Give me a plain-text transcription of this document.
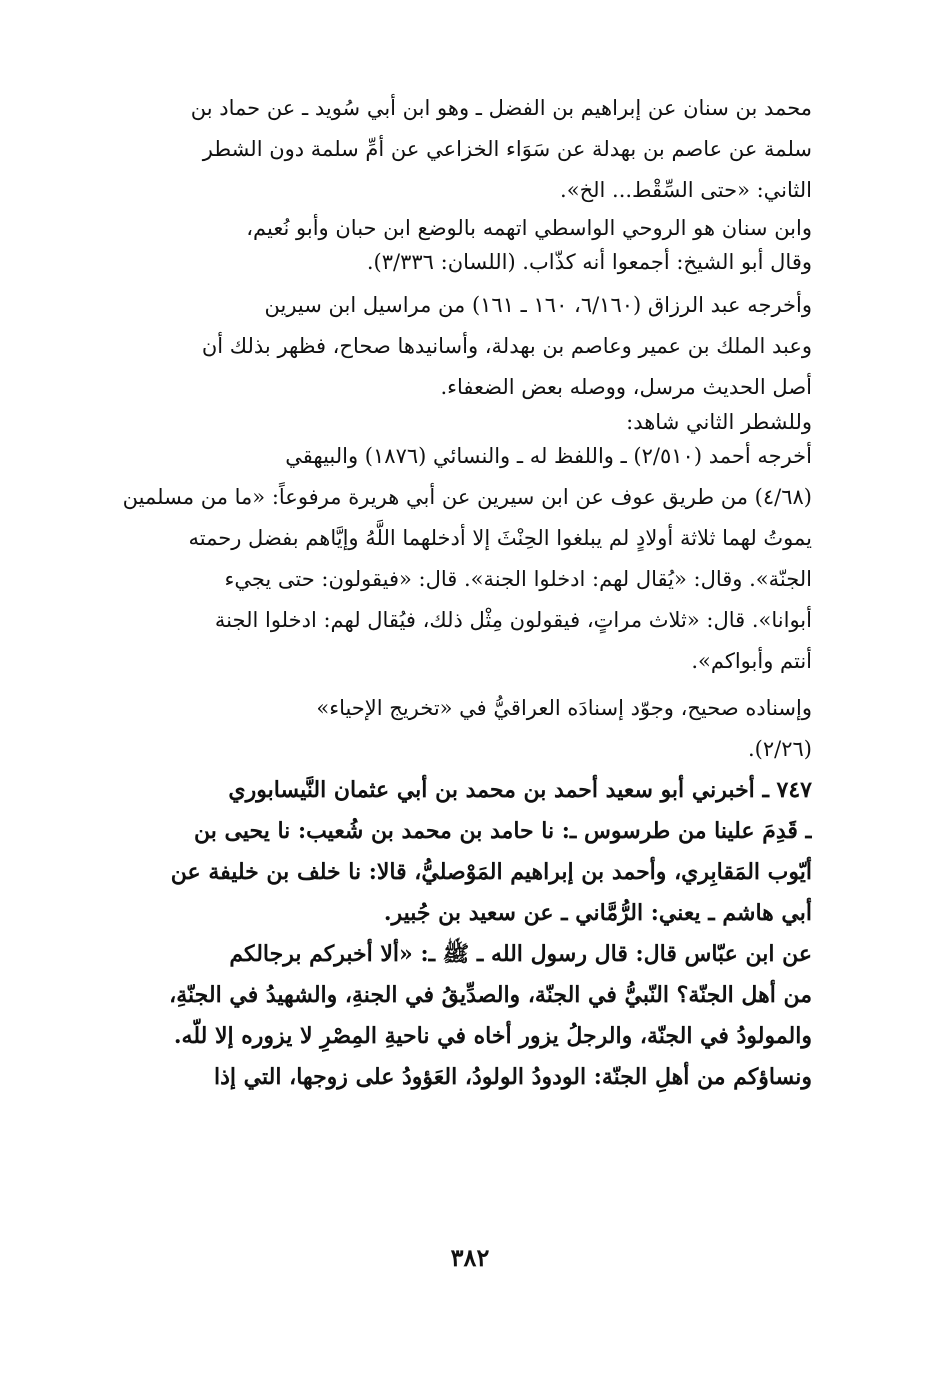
محمد بن سنان عن إبراهيم بن الفضل ـ وهو ابن أبي سُويد ـ عن حماد بن
سلمة عن عاصم بن بهدلة عن سَوَاء الخزاعي عن أمِّ سلمة دون الشطر
الثاني: «حتى السِّقْط... الخ».

وابن سنان هو الروحي الواسطي اتهمه بالوضع ابن حبان وأبو نُعيم،
وقال أبو الشيخ: أجمعوا أنه كذّاب. (اللسان: ٣/٣٣٦).

وأخرجه عبد الرزاق (٦/١٦٠، ١٦٠ ـ ١٦١) من مراسيل ابن سيرين
وعبد الملك بن عمير وعاصم بن بهدلة، وأسانيدها صحاح، فظهر بذلك أن
أصل الحديث مرسل، ووصله بعض الضعفاء.

وللشطر الثاني شاهد:
أخرجه أحمد (٢/٥١٠) ـ واللفظ له ـ والنسائي (١٨٧٦) والبيهقي
(٤/٦٨) من طريق عوف عن ابن سيرين عن أبي هريرة مرفوعاً: «ما من مسلمين
يموتُ لهما ثلاثة أولادٍ لم يبلغوا الحِنْثَ إلا أدخلهما اللَّهُ وإيَّاهم بفضل رحمته
الجنّة». وقال: «يُقال لهم: ادخلوا الجنة». قال: «فيقولون: حتى يجيء
أبوانا». قال: «ثلاث مراتٍ، فيقولون مِثْل ذلك، فيُقال لهم: ادخلوا الجنة
أنتم وأبواكم».

وإسناده صحيح، وجوّد إسنادَه العراقيُّ في «تخريج الإحياء»
(٢/٢٦).

٧٤٧ ـ أخبرني أبو سعيد أحمد بن محمد بن أبي عثمان النَّيسابوري
ـ قَدِمَ علينا من طرسوس ـ: نا حامد بن محمد بن شُعيب: نا يحيى بن
أيّوب المَقابِري، وأحمد بن إبراهيم المَوْصليُّ، قالا: نا خلف بن خليفة عن
أبي هاشم ـ يعني: الرُّمَّاني ـ عن سعيد بن جُبير.

عن ابن عبّاس قال: قال رسول الله ـ ﷺ ـ: «ألا أخبركم برجالكم
من أهل الجنّة؟ النّبيُّ في الجنّة، والصدِّيقُ في الجنةِ، والشهيدُ في الجنّةِ،
والمولودُ في الجنّة، والرجلُ يزور أخاه في ناحيةِ المِصْرِ لا يزوره إلا للّه.
ونساؤكم من أهلِ الجنّة: الودودُ الولودُ، العَؤودُ على زوجها، التي إذا

٣٨٢
